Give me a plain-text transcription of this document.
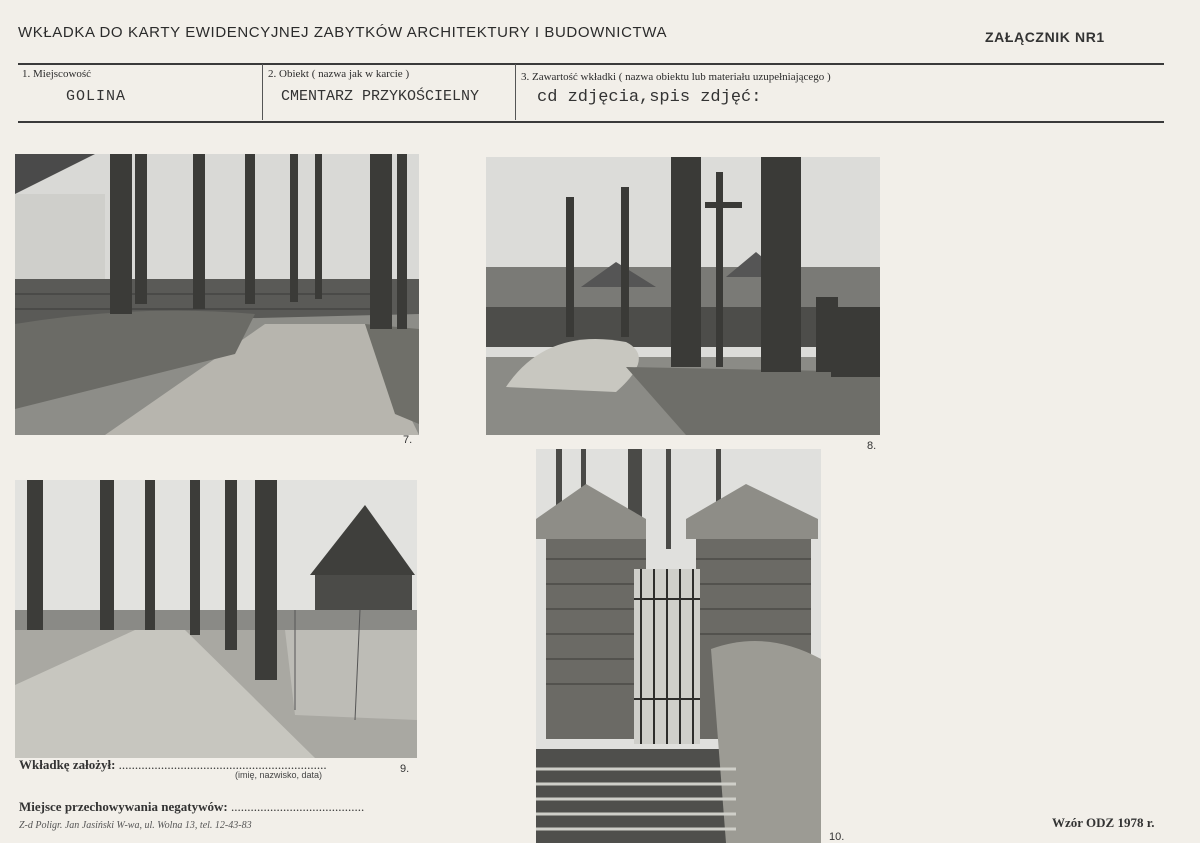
WKŁADKA DO KARTY EWIDENCYJNEJ ZABYTKÓW ARCHITEKTURY I BUDOWNICTWA	ZAŁĄCZNIK NR1
1. Miejscowość
GOLINA
2. Obiekt ( nazwa jak w karcie )
CMENTARZ PRZYKOŚCIELNY
3. Zawartość wkładki ( nazwa obiektu lub materiału uzupełniającego )
cd zdjęcia,spis zdjęć:
7.	8.
9.
10.
Wkładkę założył: ................................................................
(imię, nazwisko, data)
Miejsce przechowywania negatywów: .........................................
Z-d Poligr. Jan Jasiński W-wa, ul. Wolna 13, tel. 12-43-83	Wzór ODZ 1978 r.
